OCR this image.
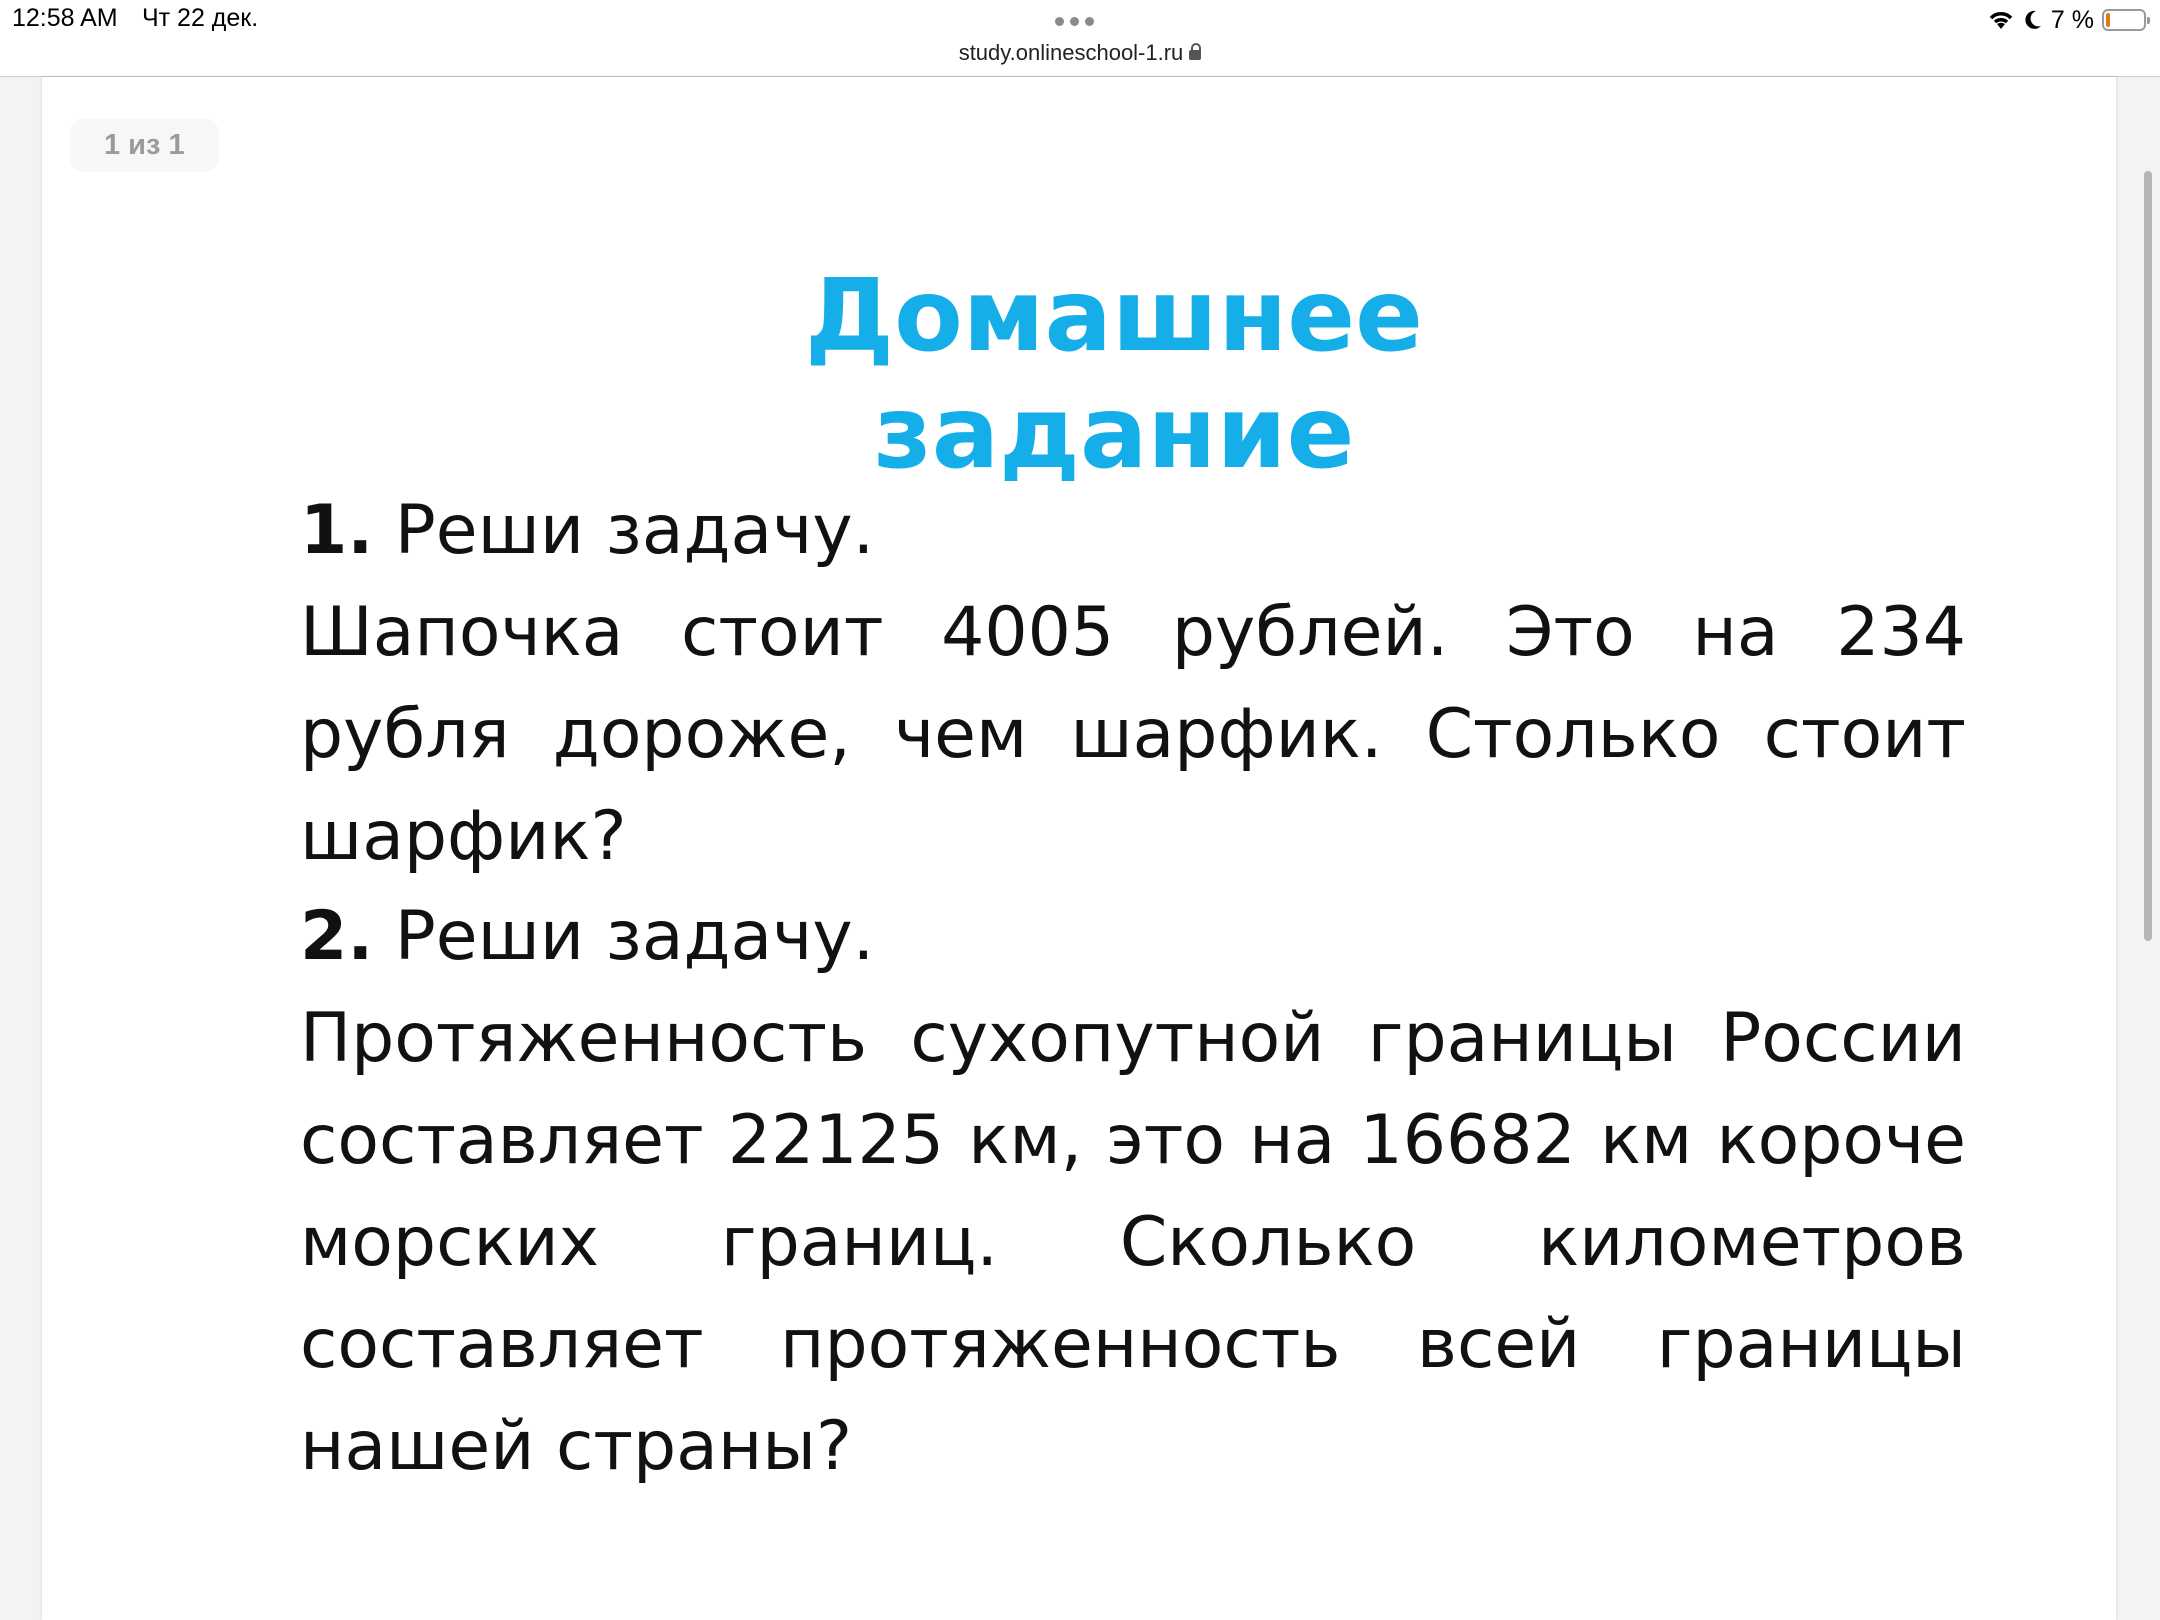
12:58 AM Чт 22 дек.	7 %
study.onlineschool-1.ru
1 из 1
Домашнее задание
1. Реши задачу.
Шапочка стоит 4005 рублей. Это на 234 рубля дороже, чем шарфик. Столько стоит шарфик?
2. Реши задачу.
Протяженность сухопутной границы России составляет 22125 км, это на 16682 км короче морских границ. Сколько километров составляет протяженность всей границы нашей страны?
